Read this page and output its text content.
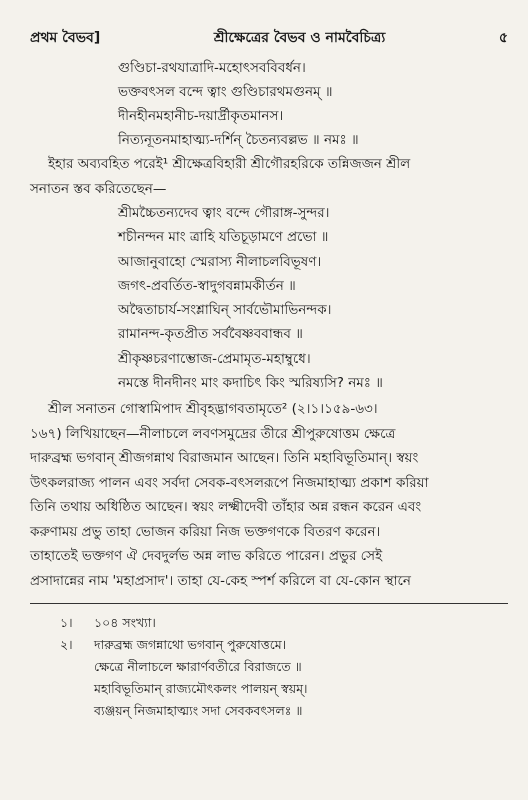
প্রথম বৈভব]	শ্রীক্ষেত্রের বৈভব ও নামবৈচিত্র্য	৫
গুণ্ডিচা-রথযাত্রাদি-মহোৎসববিবর্ধন।
ভক্তবৎসল বন্দে ত্বাং গুণ্ডিচারথমগুনম্ ॥
দীনহীনমহানীচ-দয়ার্দ্রীকৃতমানস।
নিত্যনূতনমাহাত্ম্য-দর্শিন্ চৈতন্যবল্লভ ॥ নমঃ ॥
ইহার অব্যবহিত পরেই¹ শ্রীক্ষেত্রবিহারী শ্রীগৌরহরিকে তন্নিজজন শ্রীল
সনাতন স্তব করিতেছেন—
শ্রীমচ্চৈতন্যদেব ত্বাং বন্দে গৌরাঙ্গ-সুন্দর।
শচীনন্দন মাং ত্রাহি যতিচূড়ামণে প্রভো ॥
আজানুবাহো স্মেরাস্য নীলাচলবিভূষণ।
জগৎ-প্রবর্তিত-স্বাদুগবন্নামকীর্তন ॥
অদ্বৈতাচার্য-সংশ্লাঘিন্ সার্বভৌমাভিনন্দক।
রামানন্দ-কৃতপ্রীত সর্ববৈষ্ণববান্ধব ॥
শ্রীকৃষ্ণচরণাম্ভোজ-প্রেমামৃত-মহাম্বুধে।
নমস্তে দীনদীনং মাং কদাচিৎ কিং স্মরিষ্যসি? নমঃ ॥
শ্রীল সনাতন গোস্বামিপাদ শ্রীবৃহদ্ভাগবতামৃতে² (২।১।১৫৯-৬৩।
১৬৭) লিখিয়াছেন—নীলাচলে লবণসমুদ্রের তীরে শ্রীপুরুষোত্তম ক্ষেত্রে
দারুব্রহ্ম ভগবান্ শ্রীজগন্নাথ বিরাজমান আছেন। তিনি মহাবিভূতিমান্। স্বয়ং
উৎকলরাজ্য পালন এবং সর্বদা সেবক-বৎসলরূপে নিজমাহাত্ম্য প্রকাশ করিয়া
তিনি তথায় অধিষ্ঠিত আছেন। স্বয়ং লক্ষ্মীদেবী তাঁহার অন্ন রন্ধন করেন এবং
করুণাময় প্রভু তাহা ভোজন করিয়া নিজ ভক্তগণকে বিতরণ করেন।
তাহাতেই ভক্তগণ ঐ দেবদুর্লভ অন্ন লাভ করিতে পারেন। প্রভুর সেই
প্রসাদান্নের নাম 'মহাপ্রসাদ'। তাহা যে-কেহ স্পর্শ করিলে বা যে-কোন স্থানে
১।	১০৪ সংখ্যা।
২।	দারুব্রহ্ম জগন্নাথো ভগবান্ পুরুষোত্তমে।
ক্ষেত্রে নীলাচলে ক্ষারার্ণবতীরে বিরাজতে ॥
মহাবিভূতিমান্ রাজ্যমৌৎকলং পালয়ন্ স্বয়ম্।
ব্যঞ্জয়ন্ নিজমাহাত্ম্যং সদা সেবকবৎসলঃ ॥
